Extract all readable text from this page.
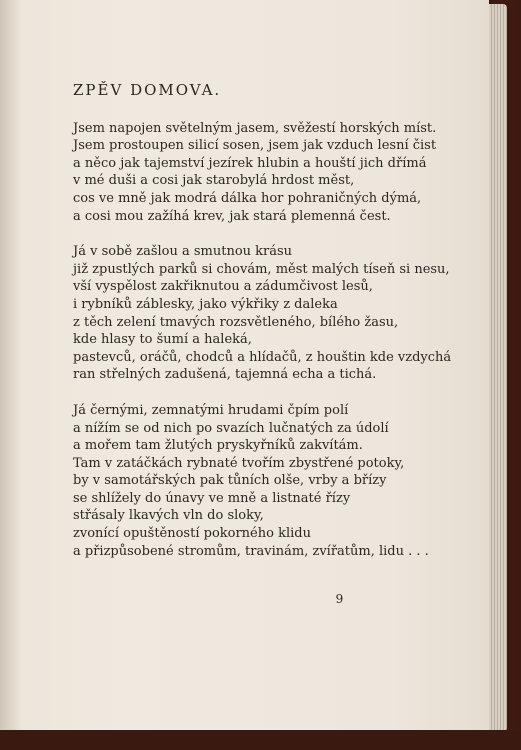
ZPĚV DOMOVA.
Jsem napojen světelným jasem, svěžestí horských míst.
Jsem prostoupen silicí sosen, jsem jak vzduch lesní čist
a něco jak tajemství jezírek hlubin a houští jich dřímá
v mé duši a cosi jak starobylá hrdost měst,
cos ve mně jak modrá dálka hor pohraničných dýmá,
a cosi mou zažíhá krev, jak stará plemenná čest.
Já v sobě zašlou a smutnou krásu
již zpustlých parků si chovám, měst malých tíseň si nesu,
vší vyspělost zakřiknutou a zádumčivost lesů,
i rybníků záblesky, jako výkřiky z daleka
z těch zelení tmavých rozsvětleného, bílého žasu,
kde hlasy to šumí a haleká,
pastevců, oráčů, chodců a hlídačů, z houštin kde vzdychá
ran střelných zadušená, tajemná echa a tichá.
Já černými, zemnatými hrudami čpím polí
a nížím se od nich po svazích lučnatých za údolí
a mořem tam žlutých pryskyřníků zakvítám.
Tam v zatáčkách rybnaté tvořím zbystřené potoky,
by v samotářských pak tůních olše, vrby a břízy
se shlížely do únavy ve mně a listnaté řízy
střásaly lkavých vln do sloky,
zvonící opuštěností pokorného klidu
a přizpůsobené stromům, travinám, zvířatům, lidu . . .
9
